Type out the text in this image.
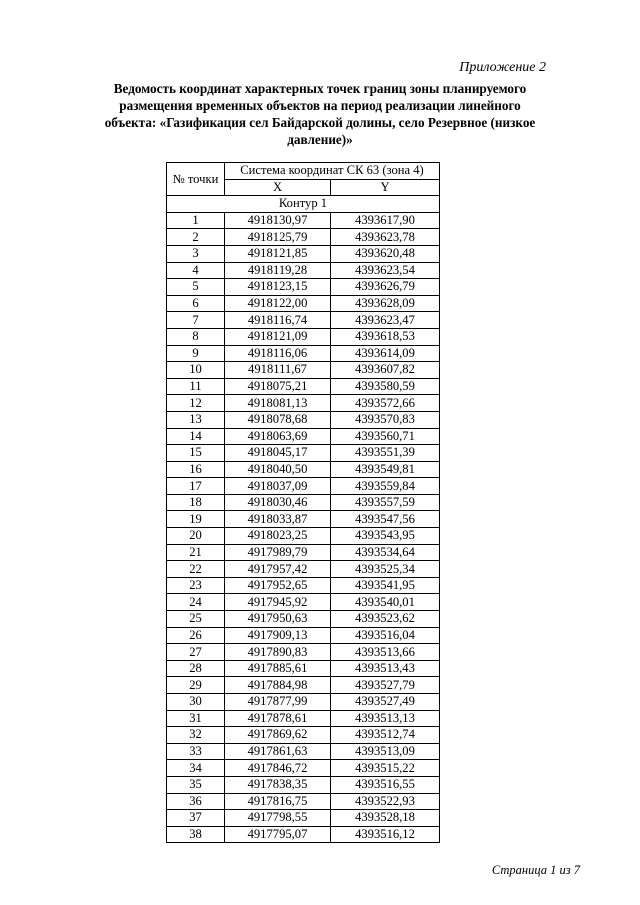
Приложение 2
Ведомость координат характерных точек границ зоны планируемого размещения временных объектов на период реализации линейного объекта: «Газификация сел Байдарской долины, село Резервное (низкое давление)»
№ точки	Система координат СК 63 (зона 4)	
	X	Y
Контур 1		
1	4918130,97	4393617,90
2	4918125,79	4393623,78
3	4918121,85	4393620,48
4	4918119,28	4393623,54
5	4918123,15	4393626,79
6	4918122,00	4393628,09
7	4918116,74	4393623,47
8	4918121,09	4393618,53
9	4918116,06	4393614,09
10	4918111,67	4393607,82
11	4918075,21	4393580,59
12	4918081,13	4393572,66
13	4918078,68	4393570,83
14	4918063,69	4393560,71
15	4918045,17	4393551,39
16	4918040,50	4393549,81
17	4918037,09	4393559,84
18	4918030,46	4393557,59
19	4918033,87	4393547,56
20	4918023,25	4393543,95
21	4917989,79	4393534,64
22	4917957,42	4393525,34
23	4917952,65	4393541,95
24	4917945,92	4393540,01
25	4917950,63	4393523,62
26	4917909,13	4393516,04
27	4917890,83	4393513,66
28	4917885,61	4393513,43
29	4917884,98	4393527,79
30	4917877,99	4393527,49
31	4917878,61	4393513,13
32	4917869,62	4393512,74
33	4917861,63	4393513,09
34	4917846,72	4393515,22
35	4917838,35	4393516,55
36	4917816,75	4393522,93
37	4917798,55	4393528,18
38	4917795,07	4393516,12
Страница 1 из 7
